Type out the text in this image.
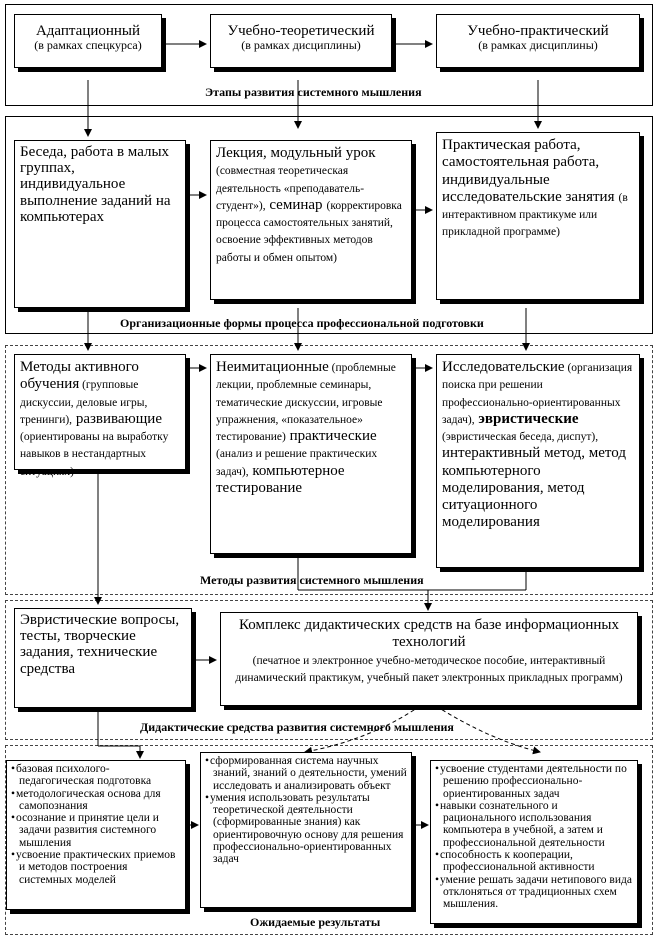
Адаптационный
(в рамках спецкурса)
Учебно-теоретический
(в рамках дисциплины)
Учебно-практический
(в рамках дисциплины)
Этапы развития системного мышления
Беседа, работа в малых группах, индивидуальное выполнение заданий на компьютерах
Лекция, модульный урок (совместная теоретическая деятельность «преподаватель-студент»), семинар (корректировка процесса самостоятельных занятий, освоение эффективных методов работы и обмен опытом)
Практическая работа, самостоятельная работа, индивидуальные исследовательские занятия (в интерактивном практикуме или прикладной программе)
Организационные формы процесса профессиональной подготовки
Методы активного обучения (групповые дискуссии, деловые игры, тренинги), развивающие (ориентированы на выработку навыков в нестандартных ситуациях)
Неимитационные (проблемные лекции, проблемные семинары, тематические дискуссии, игровые упражнения, «показательное» тестирование) практические (анализ и решение практических задач), компьютерное тестирование
Исследовательские (организация поиска при решении профессионально-ориентированных задач), эвристические (эвристическая беседа, диспут), интерактивный метод, метод компьютерного моделирования, метод ситуационного моделирования
Методы развития системного мышления
Эвристические вопросы, тесты, творческие задания, технические средства
Комплекс дидактических средств на базе информационных технологий
(печатное и электронное учебно-методическое пособие, интерактивный динамический практикум, учебный пакет электронных прикладных программ)
Дидактические средства развития системного мышления
• базовая психолого-педагогическая подготовка
• методологическая основа для самопознания
• осознание и принятие цели и задачи развития системного мышления
• усвоение практических приемов и методов построения системных моделей
• сформированная система научных знаний, знаний о деятельности, умений исследовать и анализировать объект
• умения использовать результаты теоретической деятельности (сформированные знания) как ориентировочную основу для решения профессионально-ориентированных задач
• усвоение студентами деятельности по решению профессионально-ориентированных задач
• навыки сознательного и рационального использования компьютера в учебной, а затем и профессиональной деятельности
• способность к кооперации, профессиональной активности
• умение решать задачи нетипового вида отклоняться от традиционных схем мышления.
Ожидаемые результаты
